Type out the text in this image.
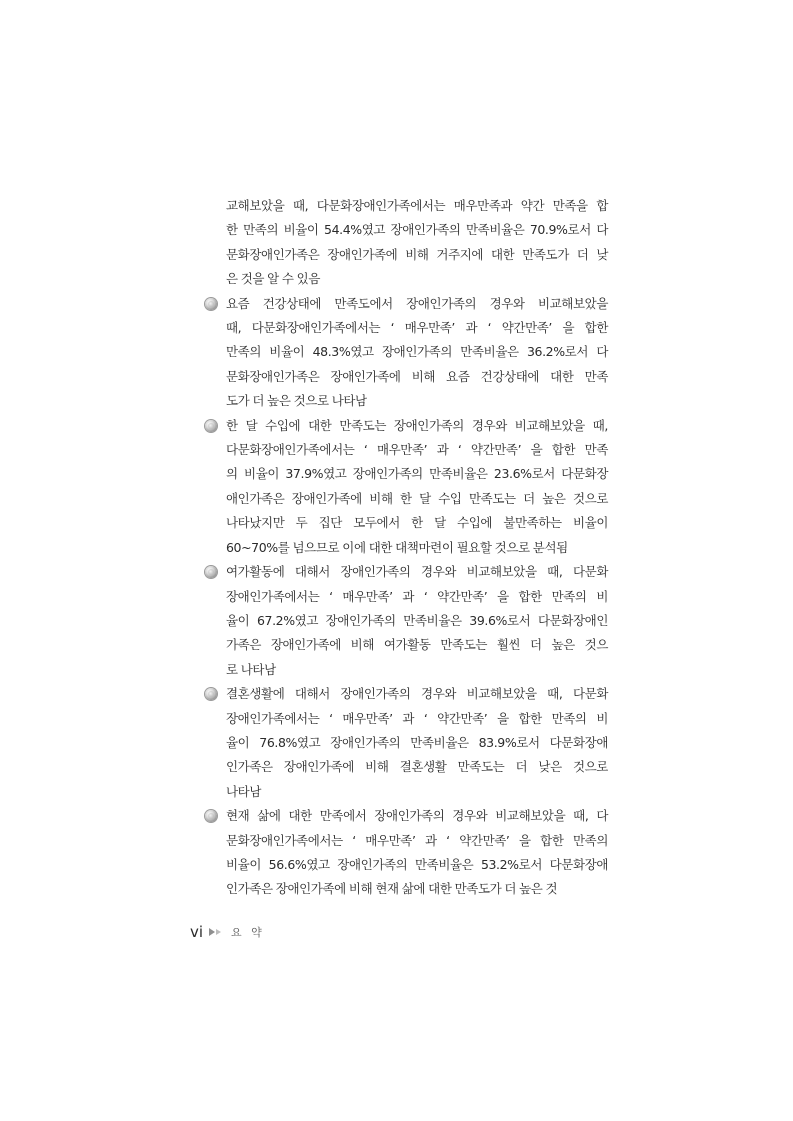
교해보았을 때, 다문화장애인가족에서는 매우만족과 약간 만족을 합
한 만족의 비율이 54.4%였고 장애인가족의 만족비율은 70.9%로서 다
문화장애인가족은 장애인가족에 비해 거주지에 대한 만족도가 더 낮
은 것을 알 수 있음
요즘 건강상태에 만족도에서 장애인가족의 경우와 비교해보았을
때, 다문화장애인가족에서는 ‘ 매우만족’ 과 ‘ 약간만족’ 을 합한
만족의 비율이 48.3%였고 장애인가족의 만족비율은 36.2%로서 다
문화장애인가족은 장애인가족에 비해 요즘 건강상태에 대한 만족
도가 더 높은 것으로 나타남
한 달 수입에 대한 만족도는 장애인가족의 경우와 비교해보았을 때,
다문화장애인가족에서는 ‘ 매우만족’ 과 ‘ 약간만족’ 을 합한 만족
의 비율이 37.9%였고 장애인가족의 만족비율은 23.6%로서 다문화장
애인가족은 장애인가족에 비해 한 달 수입 만족도는 더 높은 것으로
나타났지만 두 집단 모두에서 한 달 수입에 불만족하는 비율이
60~70%를 넘으므로 이에 대한 대책마련이 필요할 것으로 분석됨
여가활동에 대해서 장애인가족의 경우와 비교해보았을 때, 다문화
장애인가족에서는 ‘ 매우만족’ 과 ‘ 약간만족’ 을 합한 만족의 비
율이 67.2%였고 장애인가족의 만족비율은 39.6%로서 다문화장애인
가족은 장애인가족에 비해 여가활동 만족도는 훨씬 더 높은 것으
로 나타남
결혼생활에 대해서 장애인가족의 경우와 비교해보았을 때, 다문화
장애인가족에서는 ‘ 매우만족’ 과 ‘ 약간만족’ 을 합한 만족의 비
율이 76.8%였고 장애인가족의 만족비율은 83.9%로서 다문화장애
인가족은 장애인가족에 비해 결혼생활 만족도는 더 낮은 것으로
나타남
현재 삶에 대한 만족에서 장애인가족의 경우와 비교해보았을 때, 다
문화장애인가족에서는 ‘ 매우만족’ 과 ‘ 약간만족’ 을 합한 만족의
비율이 56.6%였고 장애인가족의 만족비율은 53.2%로서 다문화장애
인가족은 장애인가족에 비해 현재 삶에 대한 만족도가 더 높은 것
vi	요 약
